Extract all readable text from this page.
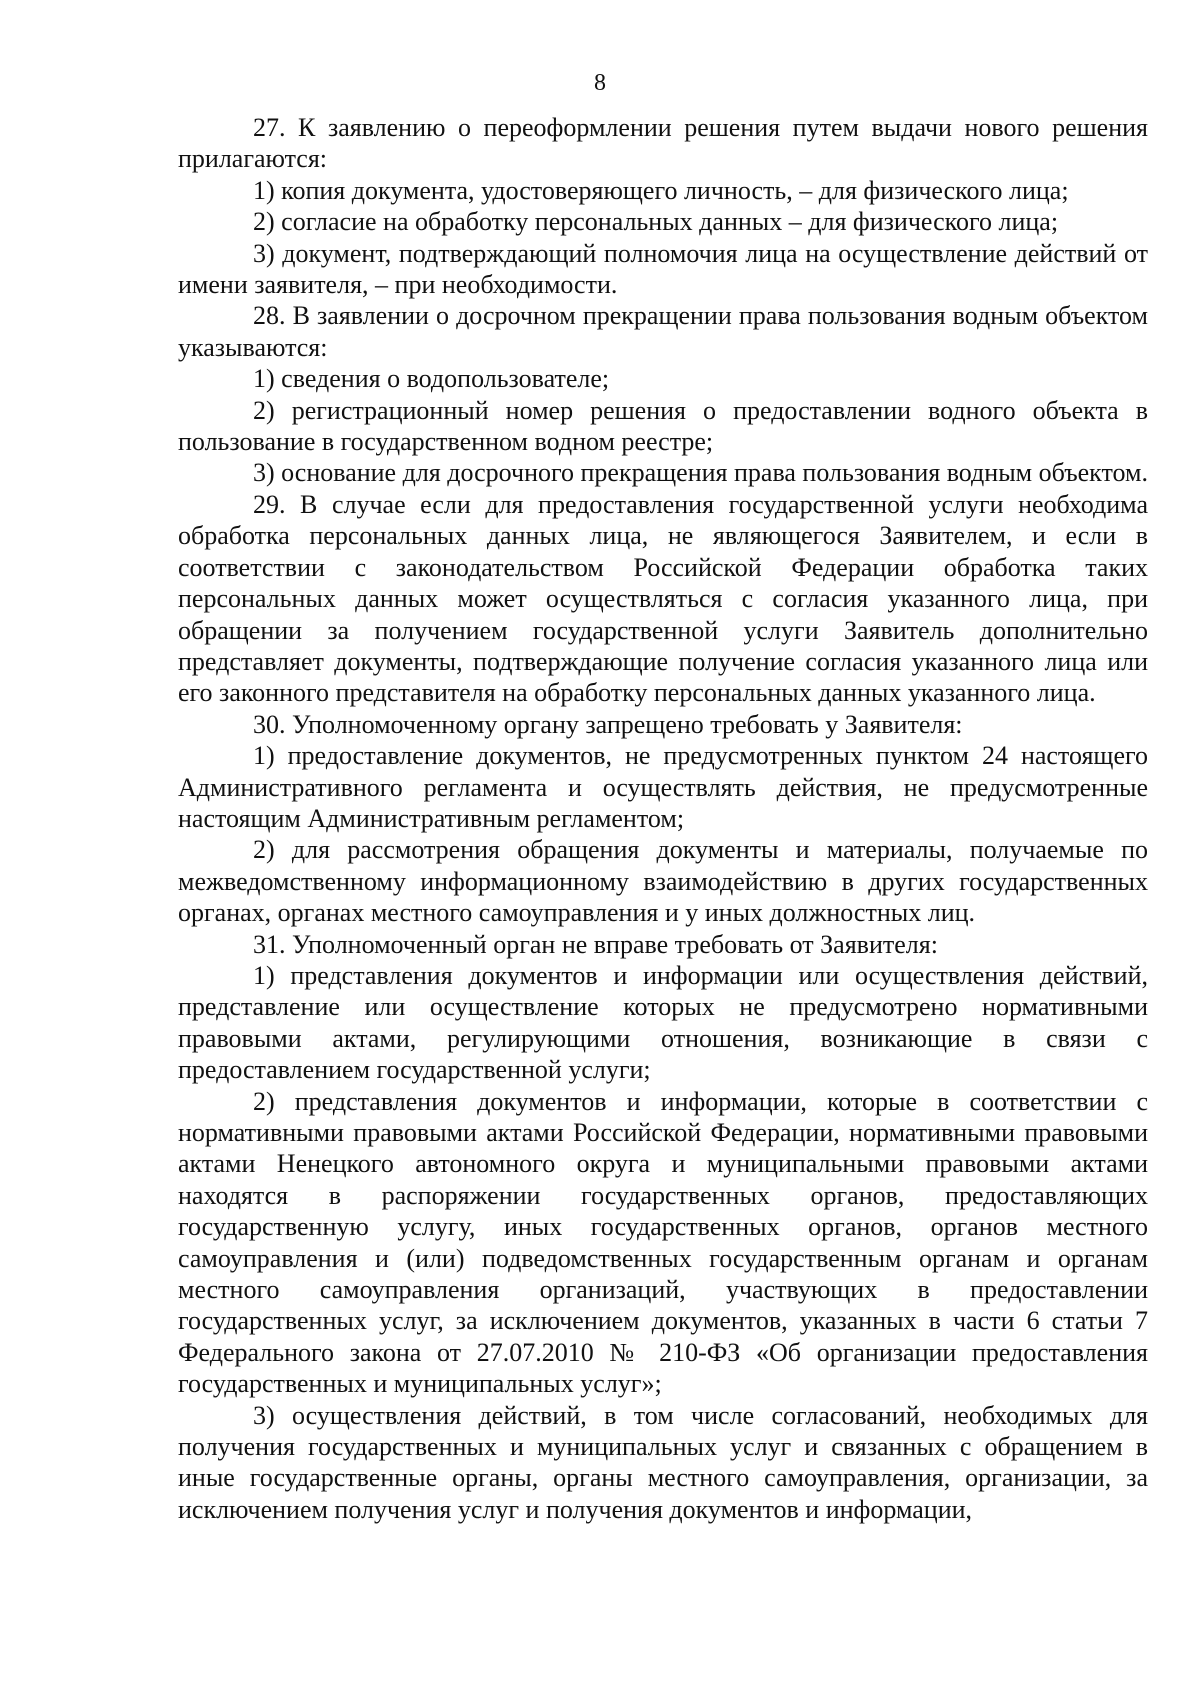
8

27. К заявлению о переоформлении решения путем выдачи нового решения прилагаются:

1) копия документа, удостоверяющего личность, – для физического лица;

2) согласие на обработку персональных данных – для физического лица;

3) документ, подтверждающий полномочия лица на осуществление действий от имени заявителя, – при необходимости.

28. В заявлении о досрочном прекращении права пользования водным объектом указываются:

1) сведения о водопользователе;

2) регистрационный номер решения о предоставлении водного объекта в пользование в государственном водном реестре;

3) основание для досрочного прекращения права пользования водным объектом.

29. В случае если для предоставления государственной услуги необходима обработка персональных данных лица, не являющегося Заявителем, и если в соответствии с законодательством Российской Федерации обработка таких персональных данных может осуществляться с согласия указанного лица, при обращении за получением государственной услуги Заявитель дополнительно представляет документы, подтверждающие получение согласия указанного лица или его законного представителя на обработку персональных данных указанного лица.

30. Уполномоченному органу запрещено требовать у Заявителя:

1) предоставление документов, не предусмотренных пунктом 24 настоящего Административного регламента и осуществлять действия, не предусмотренные настоящим Административным регламентом;

2) для рассмотрения обращения документы и материалы, получаемые по межведомственному информационному взаимодействию в других государственных органах, органах местного самоуправления и у иных должностных лиц.

31. Уполномоченный орган не вправе требовать от Заявителя:

1) представления документов и информации или осуществления действий, представление или осуществление которых не предусмотрено нормативными правовыми актами, регулирующими отношения, возникающие в связи с предоставлением государственной услуги;

2) представления документов и информации, которые в соответствии с нормативными правовыми актами Российской Федерации, нормативными правовыми актами Ненецкого автономного округа и муниципальными правовыми актами находятся в распоряжении государственных органов, предоставляющих государственную услугу, иных государственных органов, органов местного самоуправления и (или) подведомственных государственным органам и органам местного самоуправления организаций, участвующих в предоставлении государственных услуг, за исключением документов, указанных в части 6 статьи 7 Федерального закона от 27.07.2010 № 210-ФЗ «Об организации предоставления государственных и муниципальных услуг»;

3) осуществления действий, в том числе согласований, необходимых для получения государственных и муниципальных услуг и связанных с обращением в иные государственные органы, органы местного самоуправления, организации, за исключением получения услуг и получения документов и информации,
